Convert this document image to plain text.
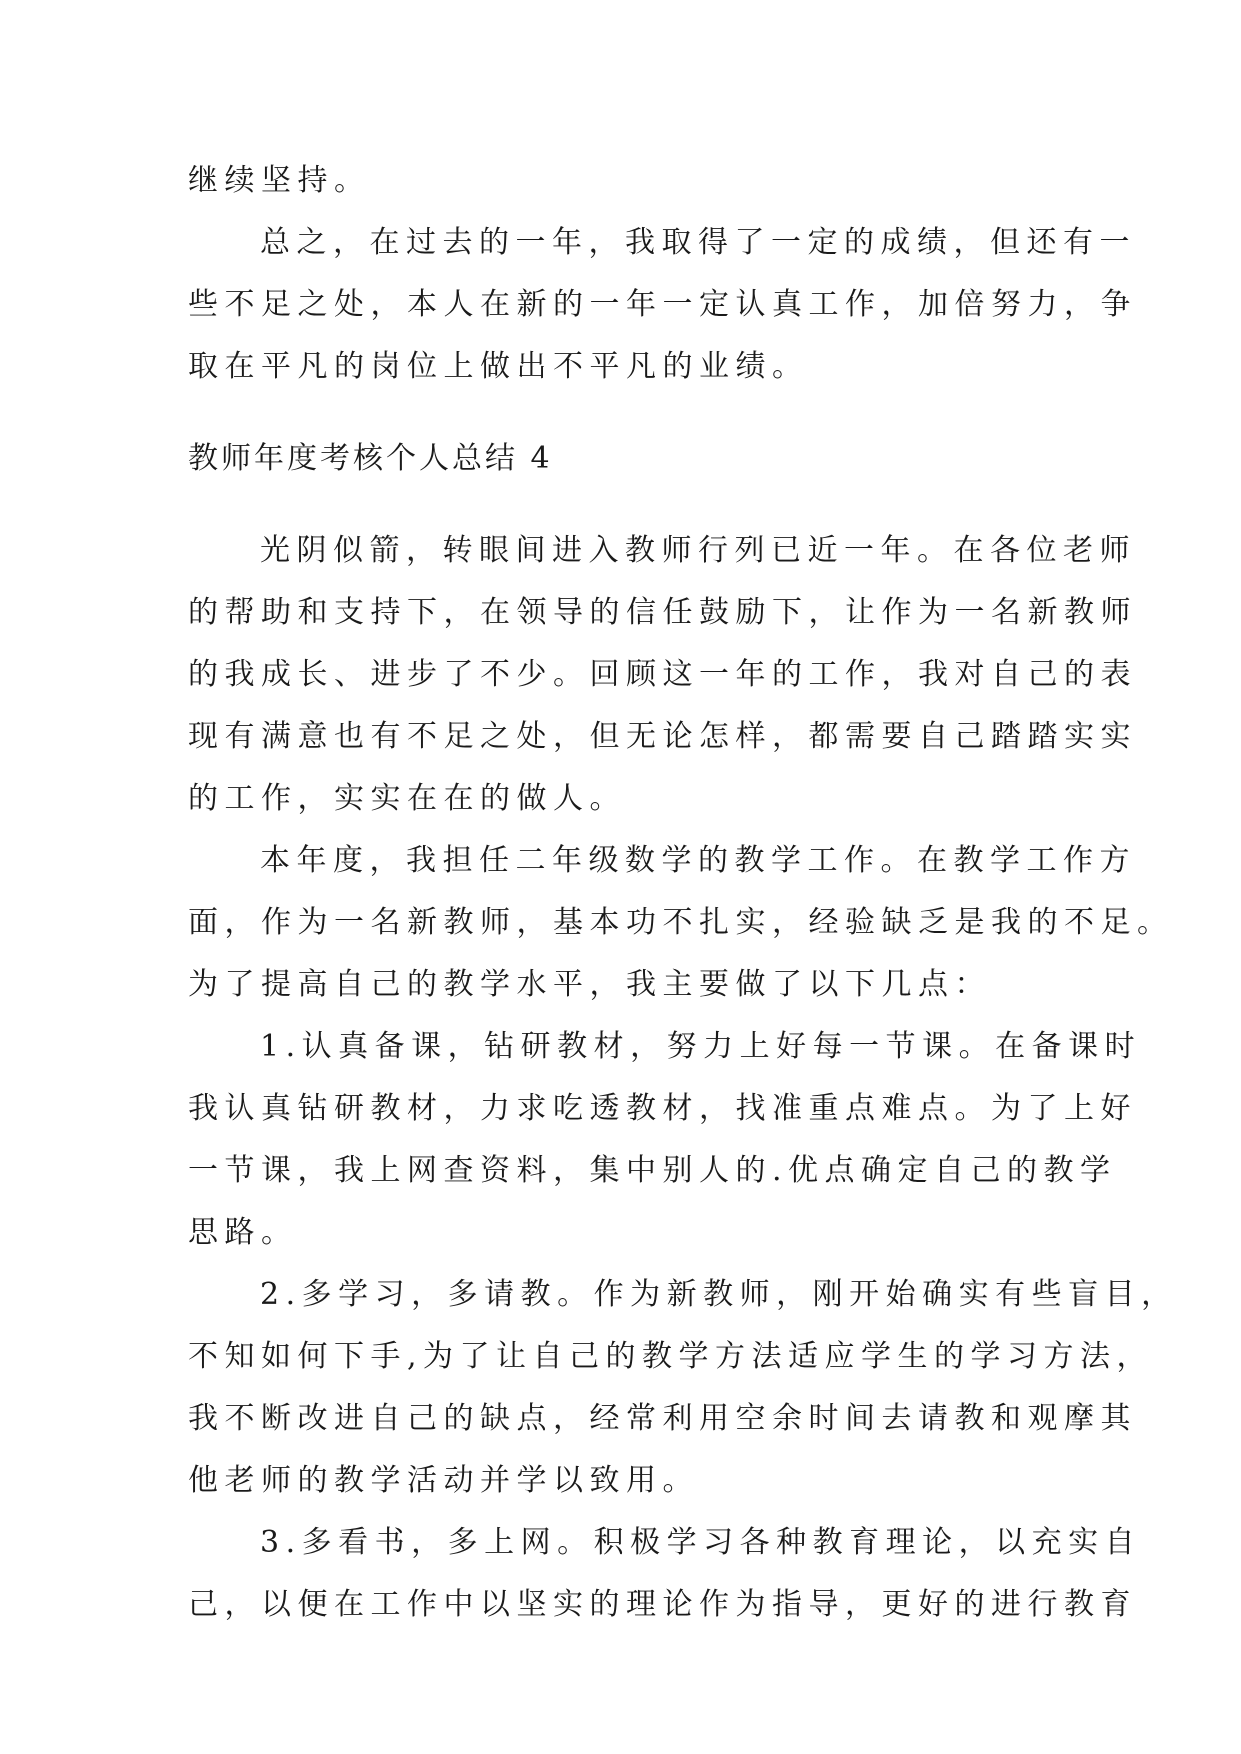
继续坚持。

总之，在过去的一年，我取得了一定的成绩，但还有一

些不足之处，本人在新的一年一定认真工作，加倍努力，争

取在平凡的岗位上做出不平凡的业绩。

教师年度考核个人总结 4

光阴似箭，转眼间进入教师行列已近一年。在各位老师

的帮助和支持下，在领导的信任鼓励下，让作为一名新教师

的我成长、进步了不少。回顾这一年的工作，我对自己的表

现有满意也有不足之处，但无论怎样，都需要自己踏踏实实

的工作，实实在在的做人。

本年度，我担任二年级数学的教学工作。在教学工作方

面，作为一名新教师，基本功不扎实，经验缺乏是我的不足。

为了提高自己的教学水平，我主要做了以下几点：

1.认真备课，钻研教材，努力上好每一节课。在备课时

我认真钻研教材，力求吃透教材，找准重点难点。为了上好

一节课，我上网查资料，集中别人的.优点确定自己的教学

思路。

2.多学习，多请教。作为新教师，刚开始确实有些盲目，

不知如何下手,为了让自己的教学方法适应学生的学习方法，

我不断改进自己的缺点，经常利用空余时间去请教和观摩其

他老师的教学活动并学以致用。

3.多看书，多上网。积极学习各种教育理论，以充实自

己，以便在工作中以坚实的理论作为指导，更好的进行教育
